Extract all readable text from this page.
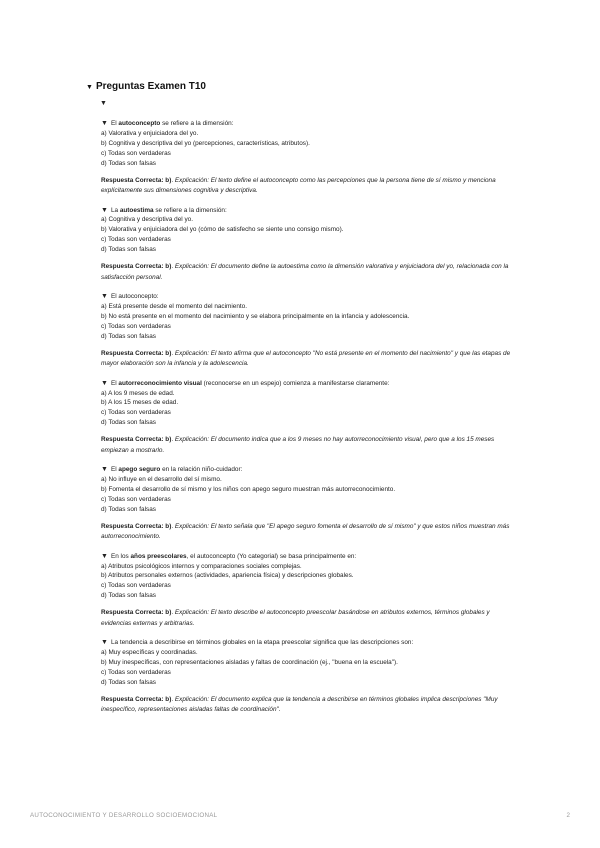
▼ Preguntas Examen T10
▼
▼ El autoconcepto se refiere a la dimensión:
a) Valorativa y enjuiciadora del yo.
b) Cognitiva y descriptiva del yo (percepciones, características, atributos).
c) Todas son verdaderas
d) Todas son falsas
Respuesta Correcta: b). Explicación: El texto define el autoconcepto como las percepciones que la persona tiene de sí mismo y menciona explícitamente sus dimensiones cognitiva y descriptiva.
▼ La autoestima se refiere a la dimensión:
a) Cognitiva y descriptiva del yo.
b) Valorativa y enjuiciadora del yo (cómo de satisfecho se siente uno consigo mismo).
c) Todas son verdaderas
d) Todas son falsas
Respuesta Correcta: b). Explicación: El documento define la autoestima como la dimensión valorativa y enjuiciadora del yo, relacionada con la satisfacción personal.
▼ El autoconcepto:
a) Está presente desde el momento del nacimiento.
b) No está presente en el momento del nacimiento y se elabora principalmente en la infancia y adolescencia.
c) Todas son verdaderas
d) Todas son falsas
Respuesta Correcta: b). Explicación: El texto afirma que el autoconcepto "No está presente en el momento del nacimiento" y que las etapas de mayor elaboración son la infancia y la adolescencia.
▼ El autorreconocimiento visual (reconocerse en un espejo) comienza a manifestarse claramente:
a) A los 9 meses de edad.
b) A los 15 meses de edad.
c) Todas son verdaderas
d) Todas son falsas
Respuesta Correcta: b). Explicación: El documento indica que a los 9 meses no hay autorreconocimiento visual, pero que a los 15 meses empiezan a mostrarlo.
▼ El apego seguro en la relación niño-cuidador:
a) No influye en el desarrollo del sí mismo.
b) Fomenta el desarrollo de sí mismo y los niños con apego seguro muestran más autorreconocimiento.
c) Todas son verdaderas
d) Todas son falsas
Respuesta Correcta: b). Explicación: El texto señala que "El apego seguro fomenta el desarrollo de sí mismo" y que estos niños muestran más autorreconocimiento.
▼ En los años preescolares, el autoconcepto (Yo categorial) se basa principalmente en:
a) Atributos psicológicos internos y comparaciones sociales complejas.
b) Atributos personales externos (actividades, apariencia física) y descripciones globales.
c) Todas son verdaderas
d) Todas son falsas
Respuesta Correcta: b). Explicación: El texto describe el autoconcepto preescolar basándose en atributos externos, términos globales y evidencias externas y arbitrarias.
▼ La tendencia a describirse en términos globales en la etapa preescolar significa que las descripciones son:
a) Muy específicas y coordinadas.
b) Muy inespecíficas, con representaciones aisladas y faltas de coordinación (ej., "buena en la escuela").
c) Todas son verdaderas
d) Todas son falsas
Respuesta Correcta: b). Explicación: El documento explica que la tendencia a describirse en términos globales implica descripciones "Muy inespecífico, representaciones aisladas faltas de coordinación".
AUTOCONOCIMIENTO Y DESARROLLO SOCIOEMOCIONAL	2
